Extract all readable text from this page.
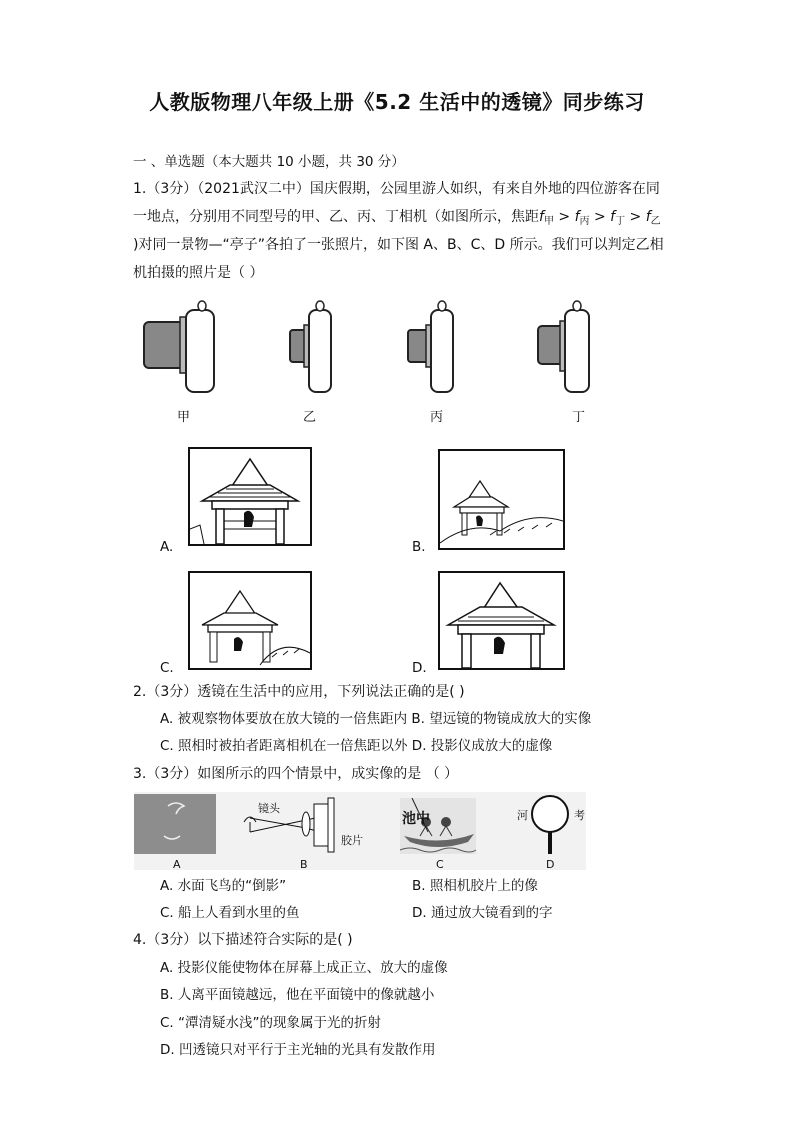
人教版物理八年级上册《5.2 生活中的透镜》同步练习
一 、单选题（本大题共 10 小题，共 30 分）
1.（3分）（2021武汉二中）国庆假期，公园里游人如织，有来自外地的四位游客在同
一地点，分别用不同型号的甲、乙、丙、丁相机（如图所示，焦距$f_甲 > f_丙 > f_丁 > f_乙$
)对同一景物—“亭子”各拍了一张照片，如下图 A、B、C、D 所示。我们可以判定乙相
机拍摄的照片是（ ）
甲	乙	丙	丁
A.	B.
C.	D.
2.（3分）透镜在生活中的应用，下列说法正确的是( )
A. 被观察物体要放在放大镜的一倍焦距内 B. 望远镜的物镜成放大的实像
C. 照相时被拍者距离相机在一倍焦距以外 D. 投影仪成放大的虚像
3.（3分）如图所示的四个情景中，成实像的是 （ ）
池中	河	考
镜头
胶片
A	B	C	D
A. 水面飞鸟的“倒影”	B. 照相机胶片上的像
C. 船上人看到水里的鱼	D. 通过放大镜看到的字
4.（3分）以下描述符合实际的是( )
A. 投影仪能使物体在屏幕上成正立、放大的虚像
B. 人离平面镜越远，他在平面镜中的像就越小
C. “潭清疑水浅”的现象属于光的折射
D. 凹透镜只对平行于主光轴的光具有发散作用
